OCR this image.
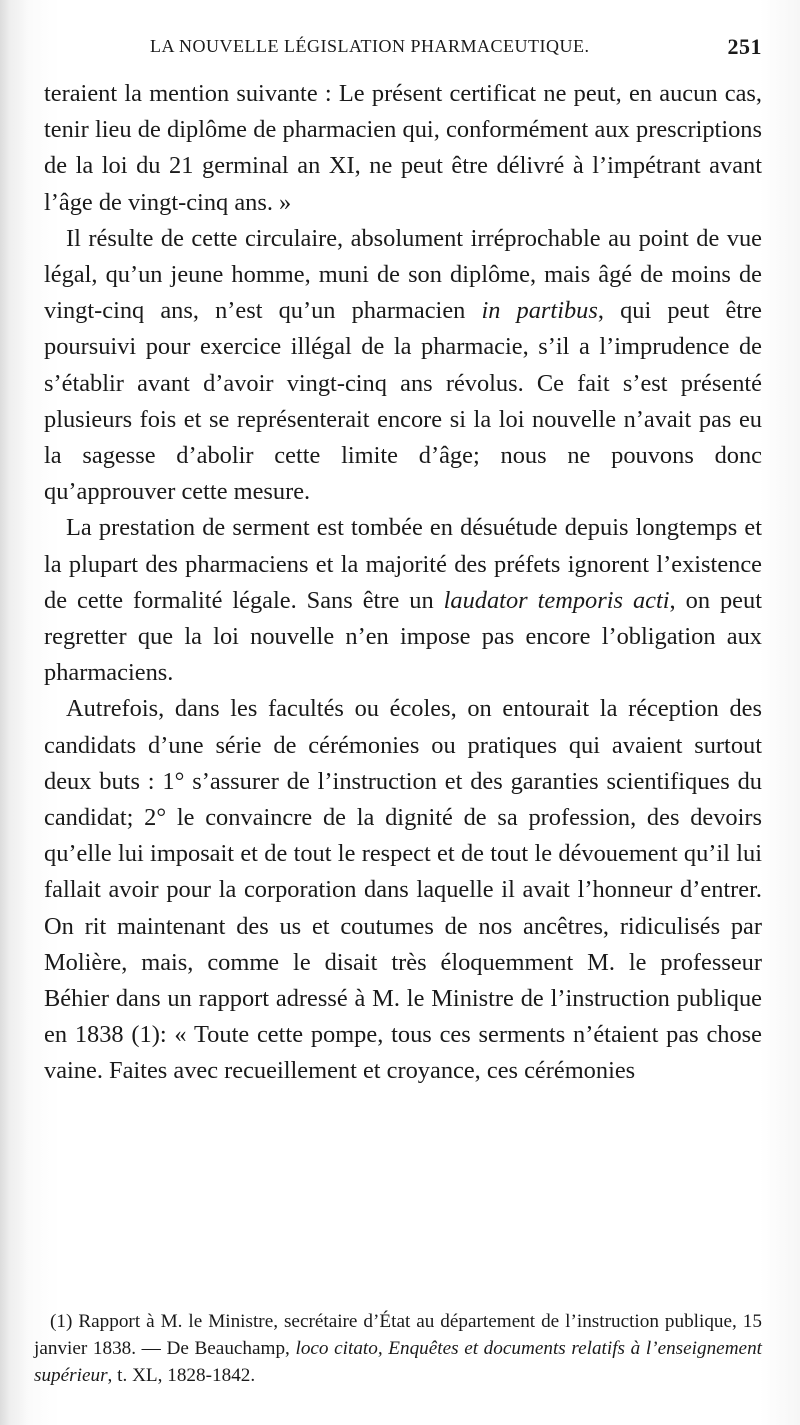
LA NOUVELLE LÉGISLATION PHARMACEUTIQUE.	251

teraient la mention suivante : Le présent certificat ne peut, en aucun cas, tenir lieu de diplôme de pharmacien qui, conformément aux prescriptions de la loi du 21 germinal an XI, ne peut être délivré à l’impétrant avant l’âge de vingt-cinq ans. »

Il résulte de cette circulaire, absolument irréprochable au point de vue légal, qu’un jeune homme, muni de son diplôme, mais âgé de moins de vingt-cinq ans, n’est qu’un pharmacien in partibus, qui peut être poursuivi pour exercice illégal de la pharmacie, s’il a l’imprudence de s’établir avant d’avoir vingt-cinq ans révolus. Ce fait s’est présenté plusieurs fois et se représenterait encore si la loi nouvelle n’avait pas eu la sagesse d’abolir cette limite d’âge; nous ne pouvons donc qu’approuver cette mesure.

La prestation de serment est tombée en désuétude depuis longtemps et la plupart des pharmaciens et la majorité des préfets ignorent l’existence de cette formalité légale. Sans être un laudator temporis acti, on peut regretter que la loi nouvelle n’en impose pas encore l’obligation aux pharmaciens.

Autrefois, dans les facultés ou écoles, on entourait la réception des candidats d’une série de cérémonies ou pratiques qui avaient surtout deux buts : 1° s’assurer de l’instruction et des garanties scientifiques du candidat; 2° le convaincre de la dignité de sa profession, des devoirs qu’elle lui imposait et de tout le respect et de tout le dévouement qu’il lui fallait avoir pour la corporation dans laquelle il avait l’honneur d’entrer. On rit maintenant des us et coutumes de nos ancêtres, ridiculisés par Molière, mais, comme le disait très éloquemment M. le professeur Béhier dans un rapport adressé à M. le Ministre de l’instruction publique en 1838 (1): « Toute cette pompe, tous ces serments n’étaient pas chose vaine. Faites avec recueillement et croyance, ces cérémonies

(1) Rapport à M. le Ministre, secrétaire d’État au département de l’instruction publique, 15 janvier 1838. — De Beauchamp, loco citato, Enquêtes et documents relatifs à l’enseignement supérieur, t. XL, 1828-1842.
